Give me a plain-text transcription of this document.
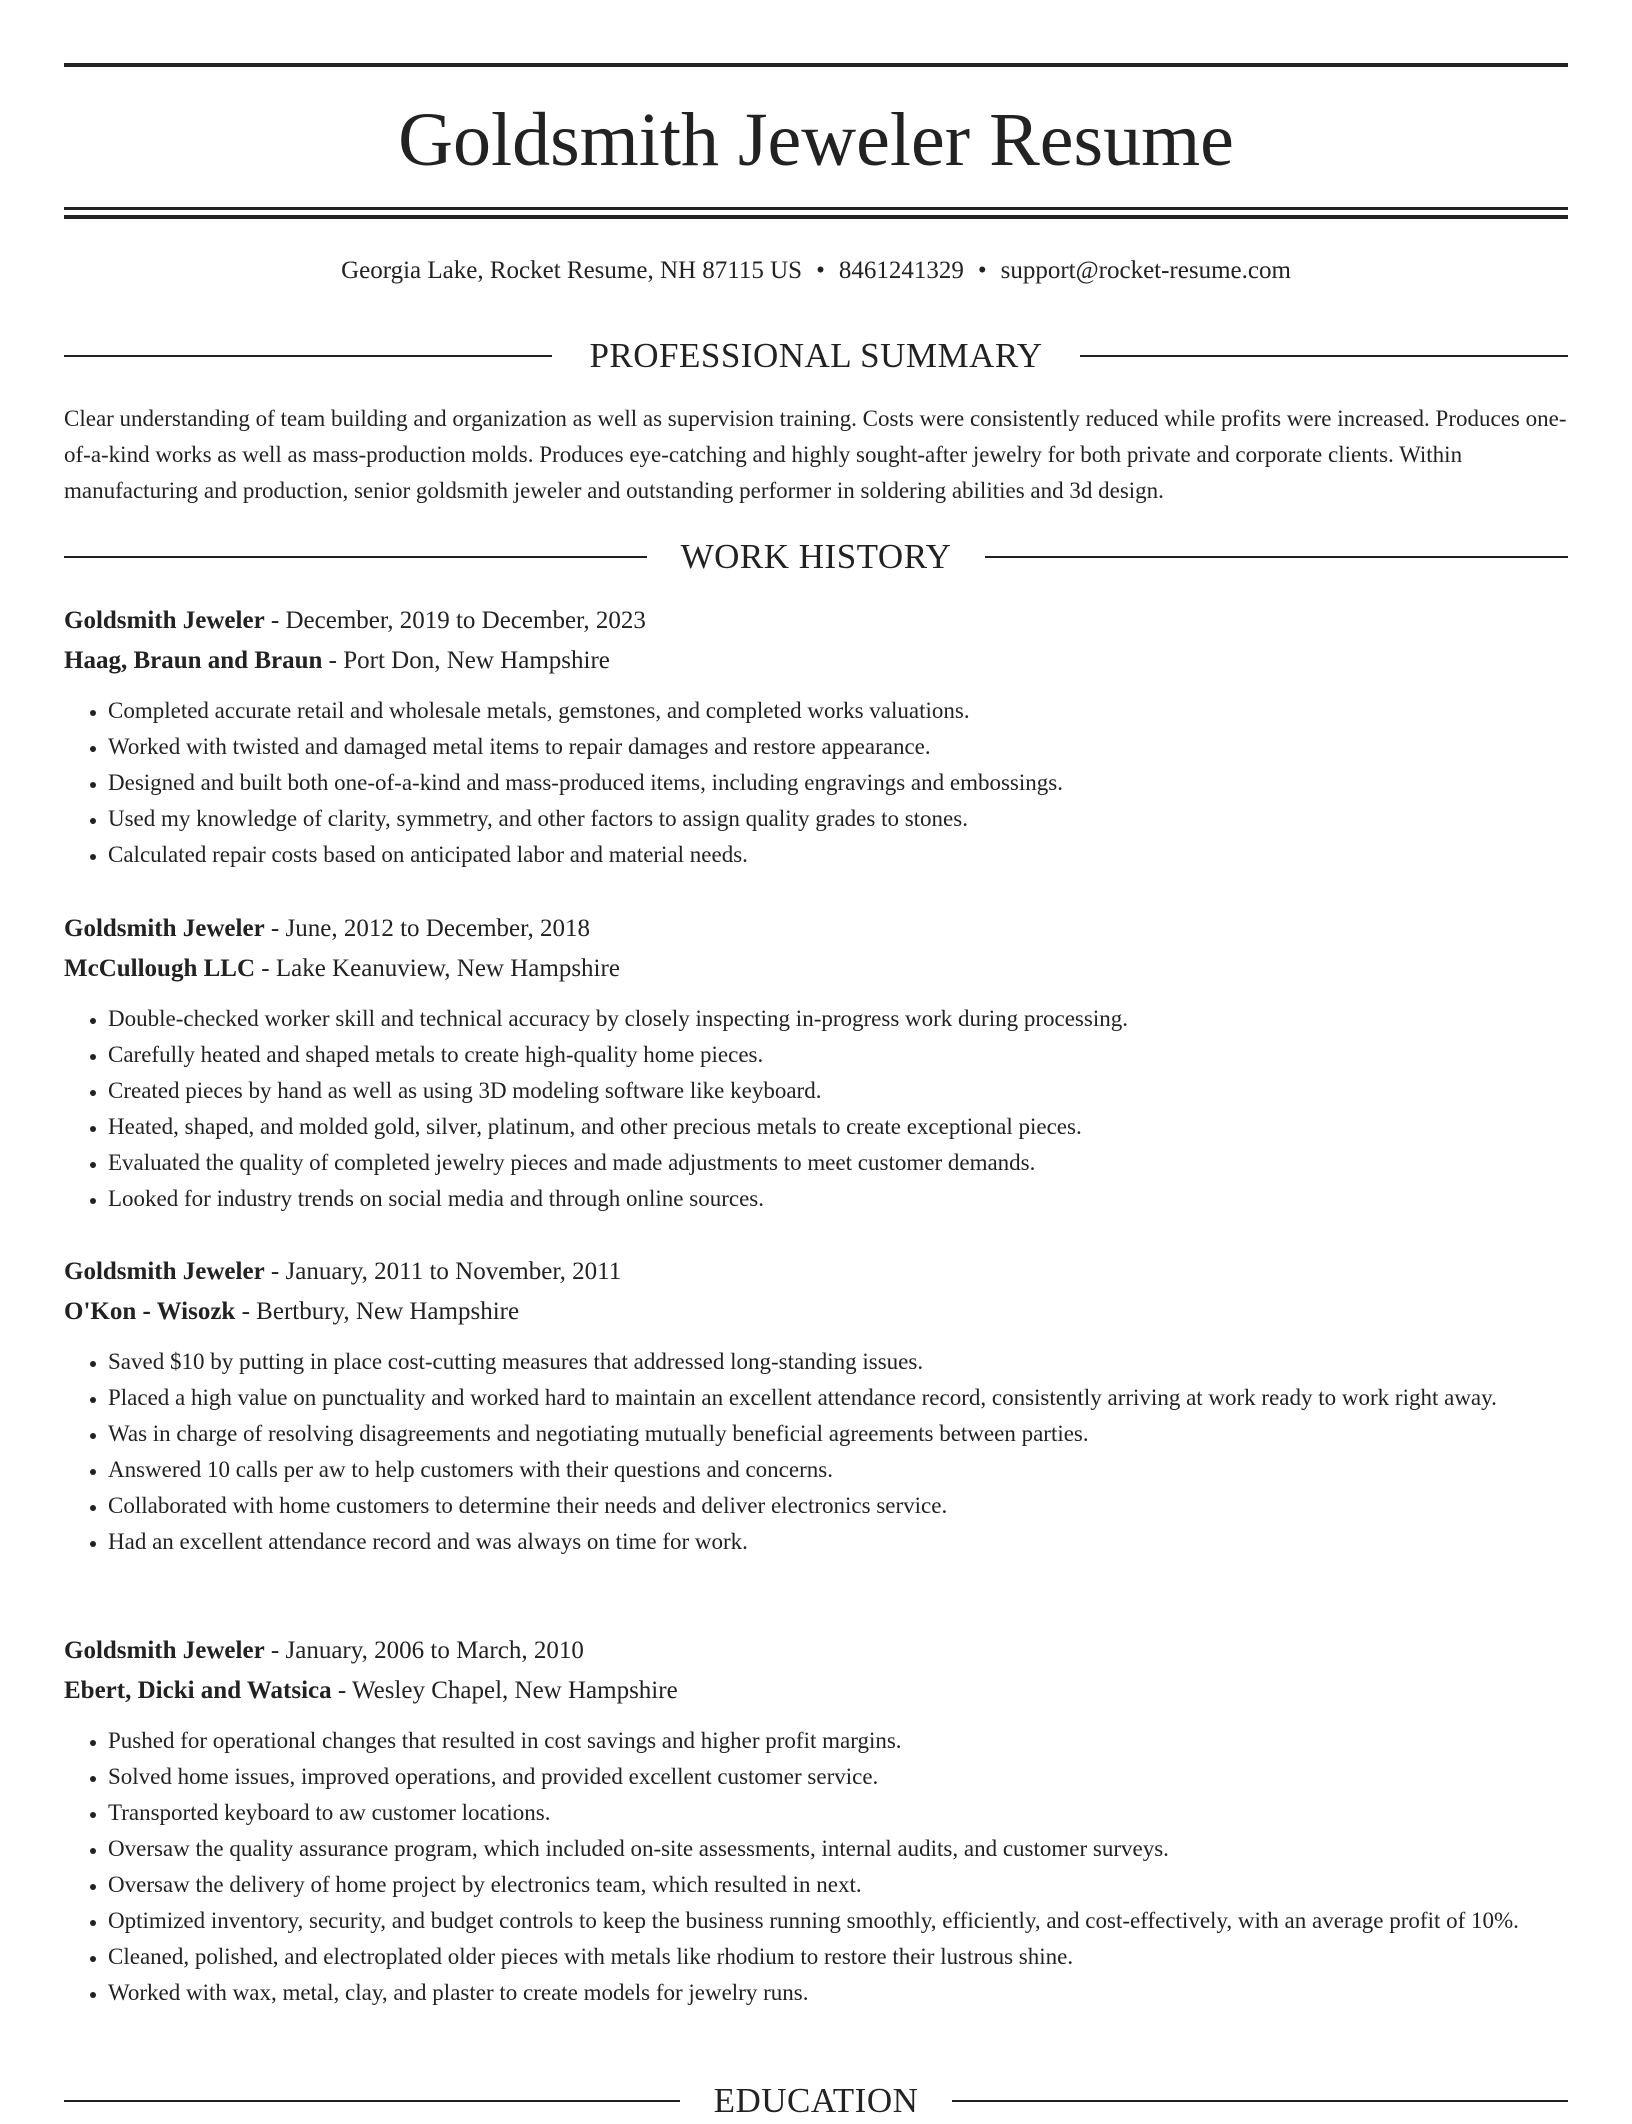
Goldsmith Jeweler Resume
Georgia Lake, Rocket Resume, NH 87115 US • 8461241329 • support@rocket-resume.com
PROFESSIONAL SUMMARY

Clear understanding of team building and organization as well as supervision training. Costs were consistently reduced while profits were increased. Produces one-of-a-kind works as well as mass-production molds. Produces eye-catching and highly sought-after jewelry for both private and corporate clients. Within manufacturing and production, senior goldsmith jeweler and outstanding performer in soldering abilities and 3d design.

WORK HISTORY
Goldsmith Jeweler - December, 2019 to December, 2023
Haag, Braun and Braun - Port Don, New Hampshire
• Completed accurate retail and wholesale metals, gemstones, and completed works valuations.
• Worked with twisted and damaged metal items to repair damages and restore appearance.
• Designed and built both one-of-a-kind and mass-produced items, including engravings and embossings.
• Used my knowledge of clarity, symmetry, and other factors to assign quality grades to stones.
• Calculated repair costs based on anticipated labor and material needs.
Goldsmith Jeweler - June, 2012 to December, 2018
McCullough LLC - Lake Keanuview, New Hampshire
• Double-checked worker skill and technical accuracy by closely inspecting in-progress work during processing.
• Carefully heated and shaped metals to create high-quality home pieces.
• Created pieces by hand as well as using 3D modeling software like keyboard.
• Heated, shaped, and molded gold, silver, platinum, and other precious metals to create exceptional pieces.
• Evaluated the quality of completed jewelry pieces and made adjustments to meet customer demands.
• Looked for industry trends on social media and through online sources.
Goldsmith Jeweler - January, 2011 to November, 2011
O'Kon - Wisozk - Bertbury, New Hampshire
• Saved $10 by putting in place cost-cutting measures that addressed long-standing issues.
• Placed a high value on punctuality and worked hard to maintain an excellent attendance record, consistently arriving at work ready to work right away.
• Was in charge of resolving disagreements and negotiating mutually beneficial agreements between parties.
• Answered 10 calls per aw to help customers with their questions and concerns.
• Collaborated with home customers to determine their needs and deliver electronics service.
• Had an excellent attendance record and was always on time for work.
Goldsmith Jeweler - January, 2006 to March, 2010
Ebert, Dicki and Watsica - Wesley Chapel, New Hampshire
• Pushed for operational changes that resulted in cost savings and higher profit margins.
• Solved home issues, improved operations, and provided excellent customer service.
• Transported keyboard to aw customer locations.
• Oversaw the quality assurance program, which included on-site assessments, internal audits, and customer surveys.
• Oversaw the delivery of home project by electronics team, which resulted in next.
• Optimized inventory, security, and budget controls to keep the business running smoothly, efficiently, and cost-effectively, with an average profit of 10%.
• Cleaned, polished, and electroplated older pieces with metals like rhodium to restore their lustrous shine.
• Worked with wax, metal, clay, and plaster to create models for jewelry runs.
EDUCATION
